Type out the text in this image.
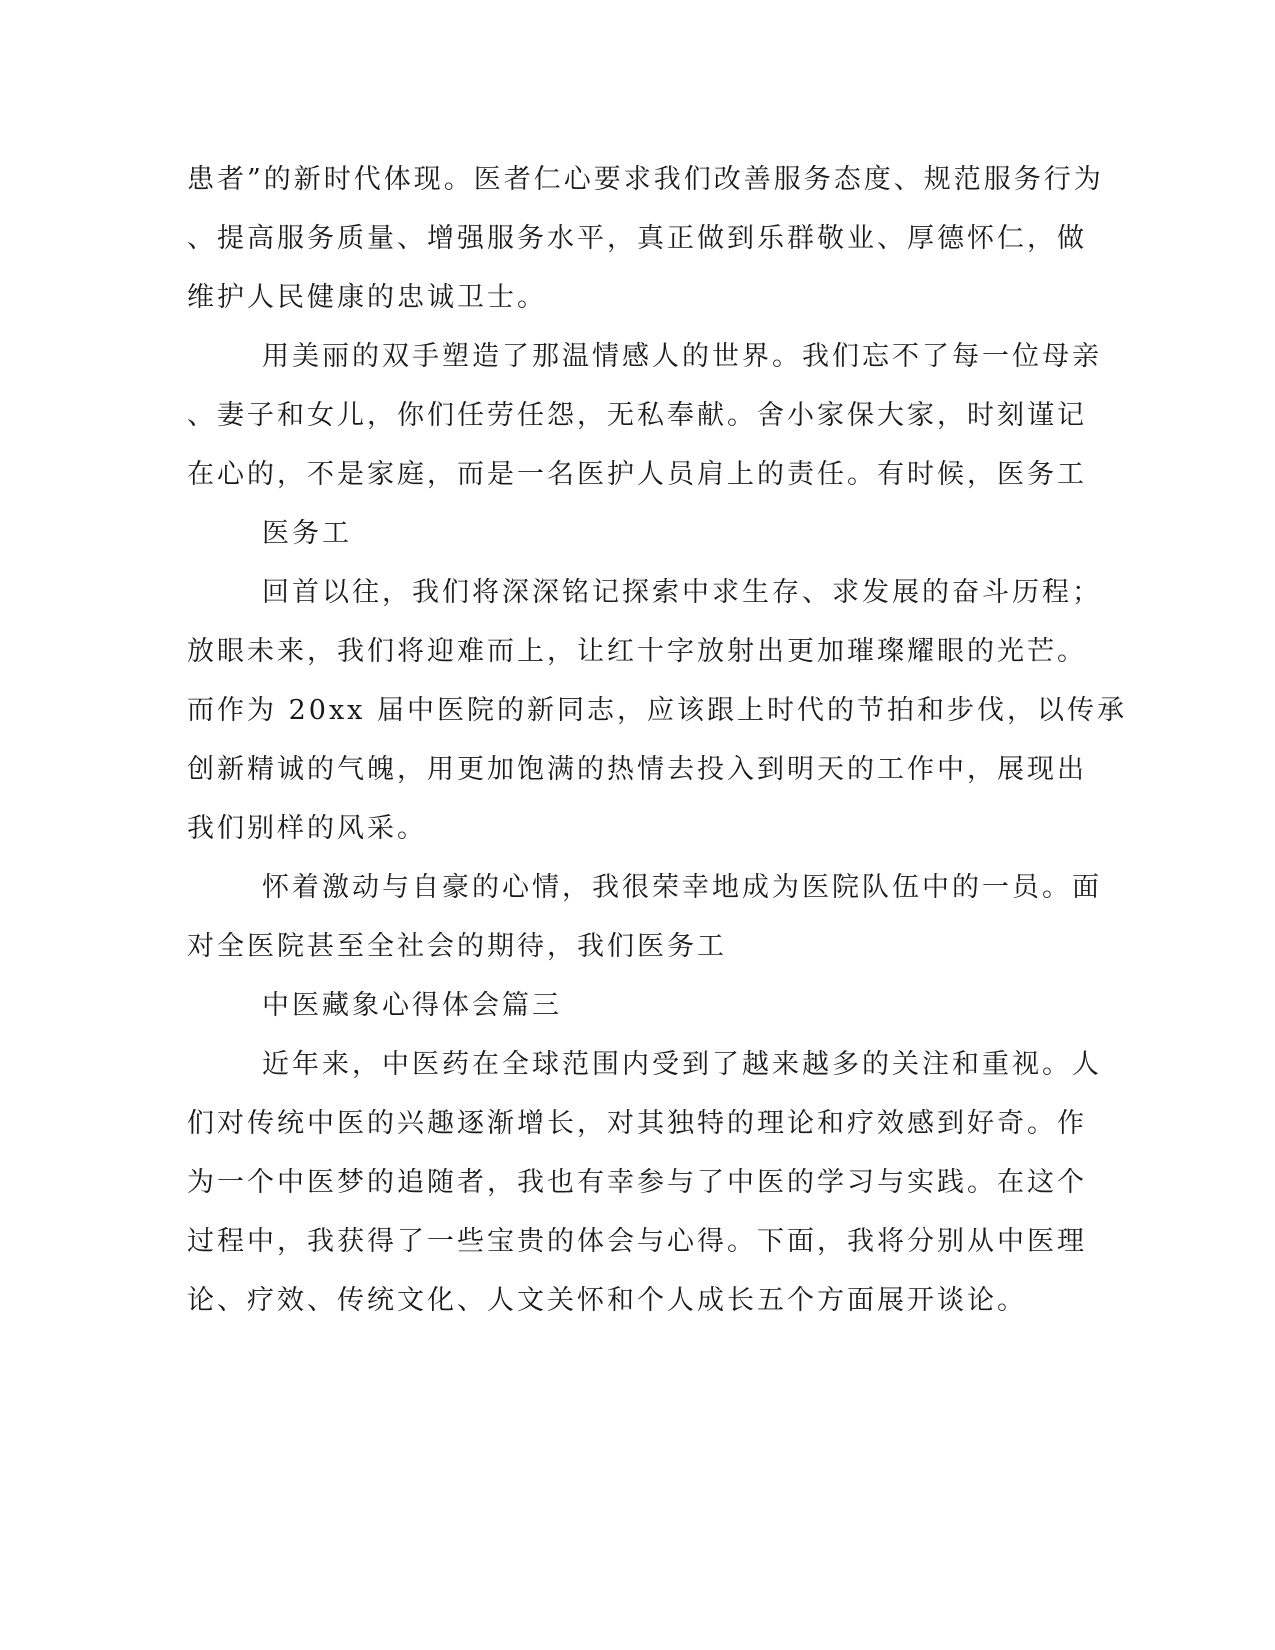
患者”的新时代体现。医者仁心要求我们改善服务态度、规范服务行为
、提高服务质量、增强服务水平，真正做到乐群敬业、厚德怀仁，做
维护人民健康的忠诚卫士。
用美丽的双手塑造了那温情感人的世界。我们忘不了每一位母亲
、妻子和女儿，你们任劳任怨，无私奉献。舍小家保大家，时刻谨记
在心的，不是家庭，而是一名医护人员肩上的责任。有时候，医务工
医务工
回首以往，我们将深深铭记探索中求生存、求发展的奋斗历程；
放眼未来，我们将迎难而上，让红十字放射出更加璀璨耀眼的光芒。
而作为 20xx 届中医院的新同志，应该跟上时代的节拍和步伐，以传承
创新精诚的气魄，用更加饱满的热情去投入到明天的工作中，展现出
我们别样的风采。
怀着激动与自豪的心情，我很荣幸地成为医院队伍中的一员。面
对全医院甚至全社会的期待，我们医务工
中医藏象心得体会篇三
近年来，中医药在全球范围内受到了越来越多的关注和重视。人
们对传统中医的兴趣逐渐增长，对其独特的理论和疗效感到好奇。作
为一个中医梦的追随者，我也有幸参与了中医的学习与实践。在这个
过程中，我获得了一些宝贵的体会与心得。下面，我将分别从中医理
论、疗效、传统文化、人文关怀和个人成长五个方面展开谈论。
